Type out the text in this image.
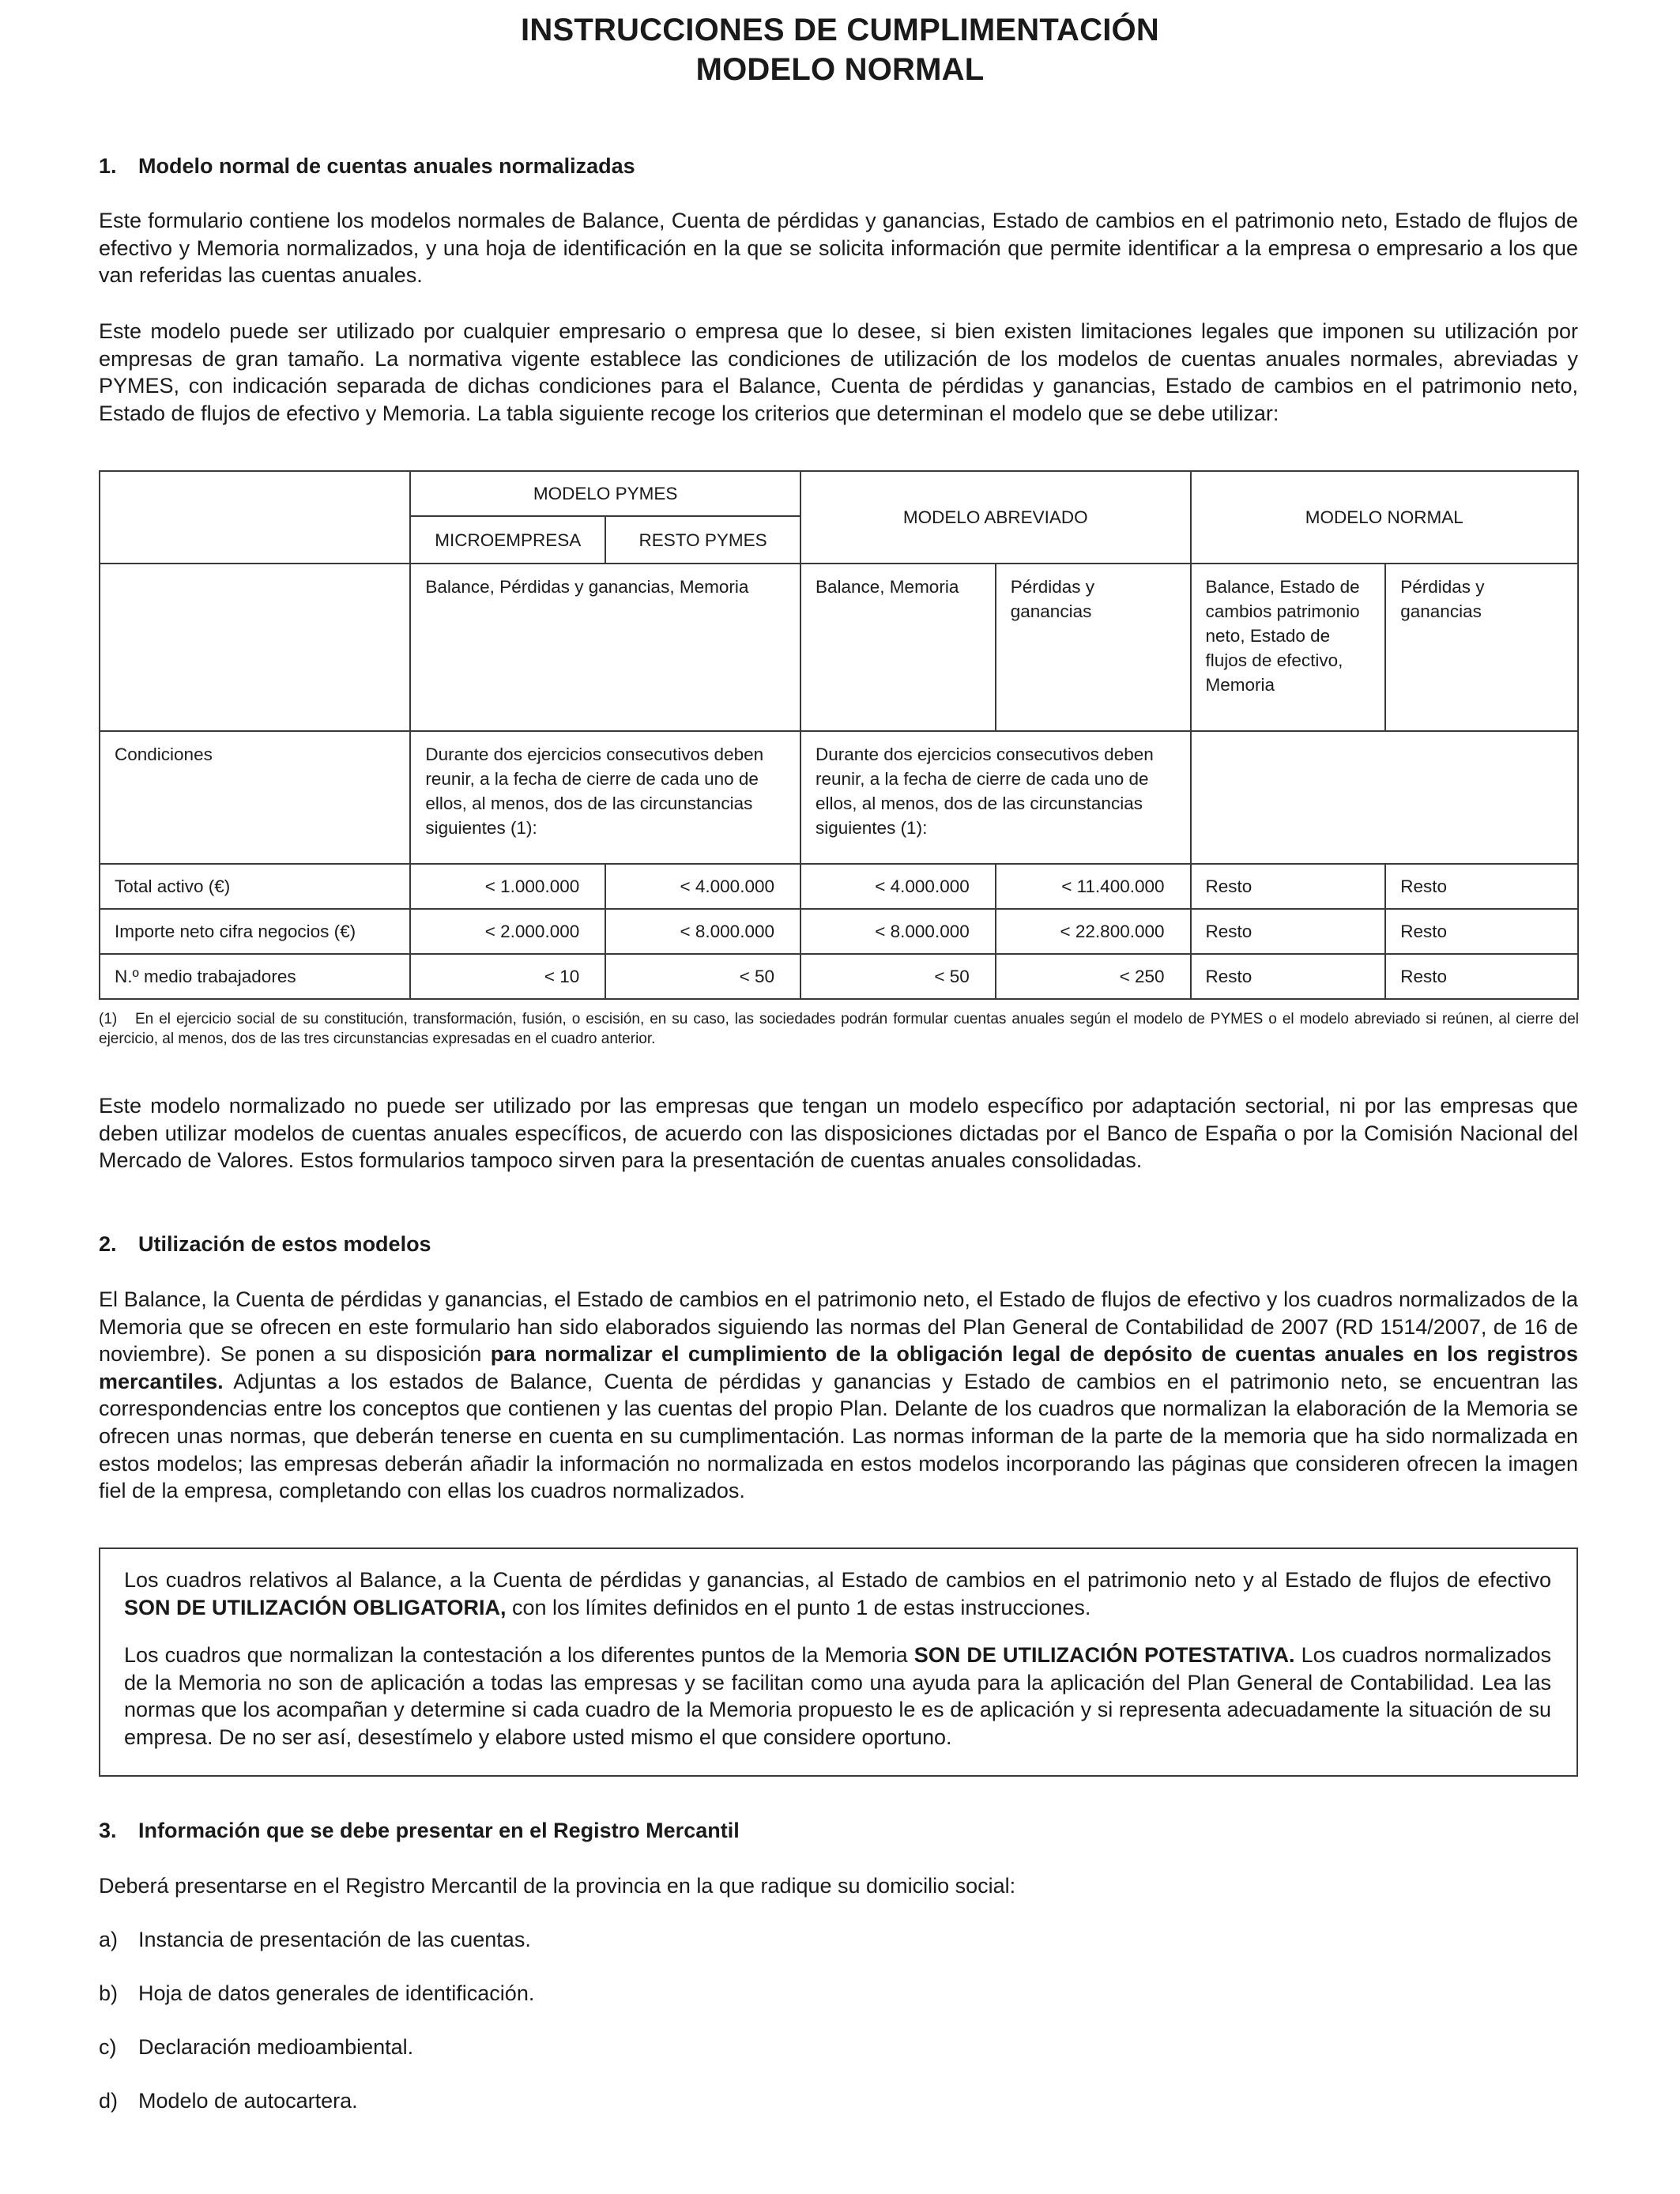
INSTRUCCIONES DE CUMPLIMENTACIÓN
MODELO NORMAL
1. Modelo normal de cuentas anuales normalizadas

Este formulario contiene los modelos normales de Balance, Cuenta de pérdidas y ganancias, Estado de cambios en el patrimonio neto, Estado de flujos de efectivo y Memoria normalizados, y una hoja de identificación en la que se solicita información que permite identificar a la empresa o empresario a los que van referidas las cuentas anuales.

Este modelo puede ser utilizado por cualquier empresario o empresa que lo desee, si bien existen limitaciones legales que imponen su utilización por empresas de gran tamaño. La normativa vigente establece las condiciones de utilización de los modelos de cuentas anuales normales, abreviadas y PYMES, con indicación separada de dichas condiciones para el Balance, Cuenta de pérdidas y ganancias, Estado de cambios en el patrimonio neto, Estado de flujos de efectivo y Memoria. La tabla siguiente recoge los criterios que determinan el modelo que se debe utilizar:

	MODELO PYMES		MODELO ABREVIADO		MODELO NORMAL	
	MICROEMPRESA	RESTO PYMES				
	Balance, Pérdidas y ganancias, Memoria		Balance, Memoria	Pérdidas y ganancias	Balance, Estado de cambios patrimonio neto, Estado de flujos de efectivo, Memoria	Pérdidas y ganancias
Condiciones	Durante dos ejercicios consecutivos deben reunir, a la fecha de cierre de cada uno de ellos, al menos, dos de las circunstancias siguientes (1):		Durante dos ejercicios consecutivos deben reunir, a la fecha de cierre de cada uno de ellos, al menos, dos de las circunstancias siguientes (1):			
Total activo (€)	< 1.000.000	< 4.000.000	< 4.000.000	< 11.400.000	Resto	Resto
Importe neto cifra negocios (€)	< 2.000.000	< 8.000.000	< 8.000.000	< 22.800.000	Resto	Resto
N.º medio trabajadores	< 10	< 50	< 50	< 250	Resto	Resto

(1) En el ejercicio social de su constitución, transformación, fusión, o escisión, en su caso, las sociedades podrán formular cuentas anuales según el modelo de PYMES o el modelo abreviado si reúnen, al cierre del ejercicio, al menos, dos de las tres circunstancias expresadas en el cuadro anterior.

Este modelo normalizado no puede ser utilizado por las empresas que tengan un modelo específico por adaptación sectorial, ni por las empresas que deben utilizar modelos de cuentas anuales específicos, de acuerdo con las disposiciones dictadas por el Banco de España o por la Comisión Nacional del Mercado de Valores. Estos formularios tampoco sirven para la presentación de cuentas anuales consolidadas.

2. Utilización de estos modelos

El Balance, la Cuenta de pérdidas y ganancias, el Estado de cambios en el patrimonio neto, el Estado de flujos de efectivo y los cuadros normalizados de la Memoria que se ofrecen en este formulario han sido elaborados siguiendo las normas del Plan General de Contabilidad de 2007 (RD 1514/2007, de 16 de noviembre). Se ponen a su disposición para normalizar el cumplimiento de la obligación legal de depósito de cuentas anuales en los registros mercantiles. Adjuntas a los estados de Balance, Cuenta de pérdidas y ganancias y Estado de cambios en el patrimonio neto, se encuentran las correspondencias entre los conceptos que contienen y las cuentas del propio Plan. Delante de los cuadros que normalizan la elaboración de la Memoria se ofrecen unas normas, que deberán tenerse en cuenta en su cumplimentación. Las normas informan de la parte de la memoria que ha sido normalizada en estos modelos; las empresas deberán añadir la información no normalizada en estos modelos incorporando las páginas que consideren ofrecen la imagen fiel de la empresa, completando con ellas los cuadros normalizados.

Los cuadros relativos al Balance, a la Cuenta de pérdidas y ganancias, al Estado de cambios en el patrimonio neto y al Estado de flujos de efectivo SON DE UTILIZACIÓN OBLIGATORIA, con los límites definidos en el punto 1 de estas instrucciones.

Los cuadros que normalizan la contestación a los diferentes puntos de la Memoria SON DE UTILIZACIÓN POTESTATIVA. Los cuadros normalizados de la Memoria no son de aplicación a todas las empresas y se facilitan como una ayuda para la aplicación del Plan General de Contabilidad. Lea las normas que los acompañan y determine si cada cuadro de la Memoria propuesto le es de aplicación y si representa adecuadamente la situación de su empresa. De no ser así, desestímelo y elabore usted mismo el que considere oportuno.

3. Información que se debe presentar en el Registro Mercantil

Deberá presentarse en el Registro Mercantil de la provincia en la que radique su domicilio social:

a) Instancia de presentación de las cuentas.

b) Hoja de datos generales de identificación.

c) Declaración medioambiental.

d) Modelo de autocartera.
